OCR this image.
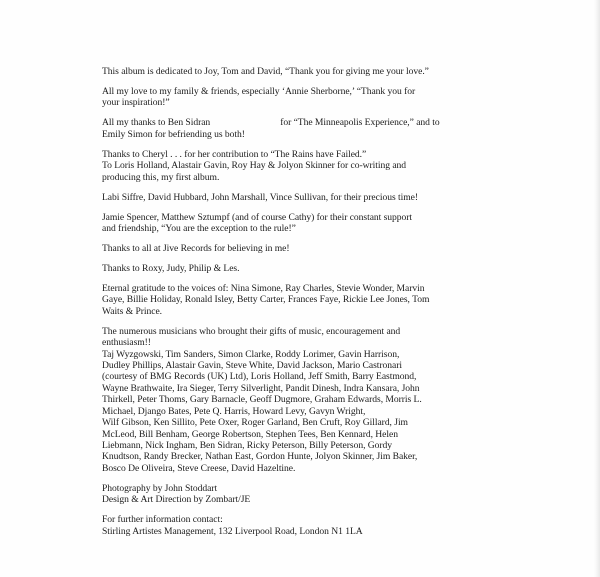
This album is dedicated to Joy, Tom and David, “Thank you for giving me your love.”

All my love to my family & friends, especially ‘Annie Sherborne,’ “Thank you for
your inspiration!”

All my thanks to Ben Sidran	for “The Minneapolis Experience,” and to
Emily Simon for befriending us both!

Thanks to Cheryl . . . for her contribution to “The Rains have Failed.”
To Loris Holland, Alastair Gavin, Roy Hay & Jolyon Skinner for co-writing and
producing this, my first album.

Labi Siffre, David Hubbard, John Marshall, Vince Sullivan, for their precious time!

Jamie Spencer, Matthew Sztumpf (and of course Cathy) for their constant support
and friendship, “You are the exception to the rule!”

Thanks to all at Jive Records for believing in me!

Thanks to Roxy, Judy, Philip & Les.

Eternal gratitude to the voices of: Nina Simone, Ray Charles, Stevie Wonder, Marvin
Gaye, Billie Holiday, Ronald Isley, Betty Carter, Frances Faye, Rickie Lee Jones, Tom
Waits & Prince.

The numerous musicians who brought their gifts of music, encouragement and
enthusiasm!!
Taj Wyzgowski, Tim Sanders, Simon Clarke, Roddy Lorimer, Gavin Harrison,
Dudley Phillips, Alastair Gavin, Steve White, David Jackson, Mario Castronari
(courtesy of BMG Records (UK) Ltd), Loris Holland, Jeff Smith, Barry Eastmond,
Wayne Brathwaite, Ira Sieger, Terry Silverlight, Pandit Dinesh, Indra Kansara, John
Thirkell, Peter Thoms, Gary Barnacle, Geoff Dugmore, Graham Edwards, Morris L.
Michael, Django Bates, Pete Q. Harris, Howard Levy, Gavyn Wright,
Wilf Gibson, Ken Sillito, Pete Oxer, Roger Garland, Ben Cruft, Roy Gillard, Jim
McLeod, Bill Benham, George Robertson, Stephen Tees, Ben Kennard, Helen
Liebmann, Nick Ingham, Ben Sidran, Ricky Peterson, Billy Peterson, Gordy
Knudtson, Randy Brecker, Nathan East, Gordon Hunte, Jolyon Skinner, Jim Baker,
Bosco De Oliveira, Steve Creese, David Hazeltine.

Photography by John Stoddart
Design & Art Direction by Zombart/JE

For further information contact:
Stirling Artistes Management, 132 Liverpool Road, London N1 1LA
